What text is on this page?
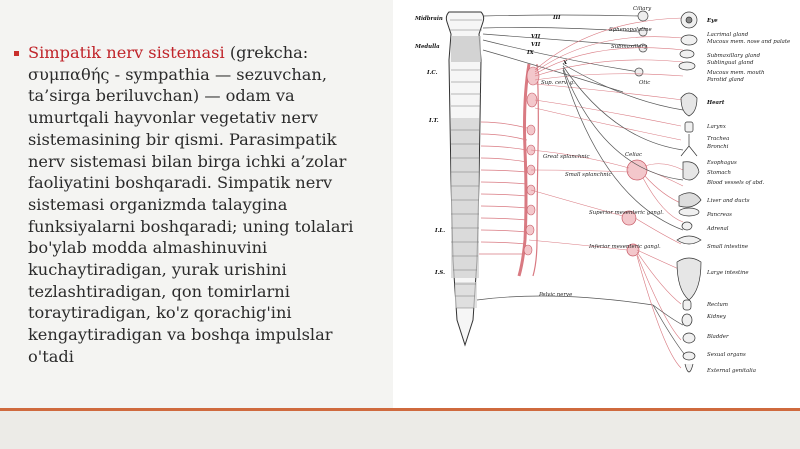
Simpatik nerv sistemasi (grekcha: συμπαθής - sympathia — sezuvchan, ta’sirga beriluvchan) — odam va umurtqali hayvonlar vegetativ nerv sistemasining bir qismi. Parasimpatik nerv sistemasi bilan birga ichki a’zolar faoliyatini boshqaradi. Simpatik nerv sistemasi organizmda talaygina funksiyalarni boshqaradi; uning tolalari bo'ylab modda almashinuvini kuchaytiradigan, yurak urishini tezlashtiradigan, qon tomirlarni toraytiradigan, ko'z qorachig'ini kengaytiradigan va boshqa impulslar o'tadi
Midbrain
Medulla
I.C.
I.T.
I.L.
I.S.
III
VII
VII
IX
X
Ciliary
Sphenopalatine
Submaxillary
Otic
Sup. cerv. g.
Great splanchnic
Small splanchnic
Celiac
Superior mesenteric gangl.
Inferior mesenteric gangl.
Pelvic nerve
Eye
Lacrimal gland
Mucous mem. nose and palate
Submaxillary gland
Sublingual gland
Mucous mem. mouth
Parotid gland
Heart
Larynx
Trachea
Bronchi
Esophagus
Stomach
Blood vessels of abd.
Liver and ducts
Pancreas
Adrenal
Small intestine
Large intestine
Rectum
Kidney
Bladder
Sexual organs
External genitalia
